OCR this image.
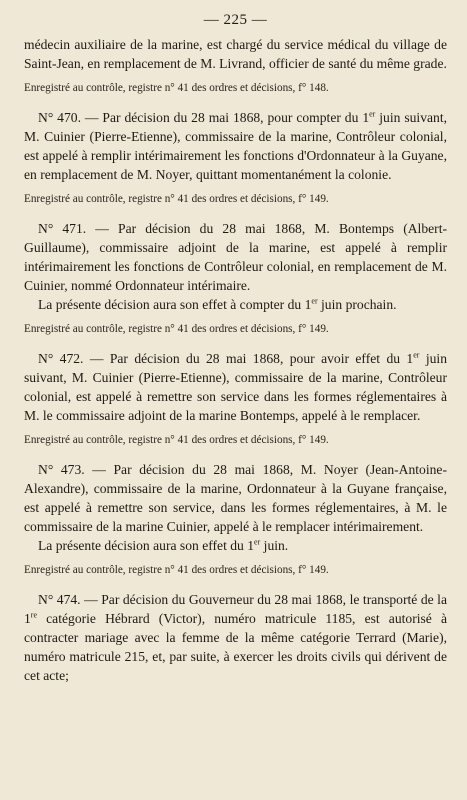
— 225 —

médecin auxiliaire de la marine, est chargé du service médical du village de Saint-Jean, en remplacement de M. Livrand, officier de santé du même grade.

Enregistré au contrôle, registre n° 41 des ordres et décisions, f° 148.

N° 470. — Par décision du 28 mai 1868, pour compter du 1er juin suivant, M. Cuinier (Pierre-Etienne), commissaire de la marine, Contrôleur colonial, est appelé à remplir intérimairement les fonctions d'Ordonnateur à la Guyane, en remplacement de M. Noyer, quittant momentanément la colonie.

Enregistré au contrôle, registre n° 41 des ordres et décisions, f° 149.

N° 471. — Par décision du 28 mai 1868, M. Bontemps (Albert-Guillaume), commissaire adjoint de la marine, est appelé à remplir intérimairement les fonctions de Contrôleur colonial, en remplacement de M. Cuinier, nommé Ordonnateur intérimaire.

La présente décision aura son effet à compter du 1er juin prochain.

Enregistré au contrôle, registre n° 41 des ordres et décisions, f° 149.

N° 472. — Par décision du 28 mai 1868, pour avoir effet du 1er juin suivant, M. Cuinier (Pierre-Etienne), commissaire de la marine, Contrôleur colonial, est appelé à remettre son service dans les formes réglementaires à M. le commissaire adjoint de la marine Bontemps, appelé à le remplacer.

Enregistré au contrôle, registre n° 41 des ordres et décisions, f° 149.

N° 473. — Par décision du 28 mai 1868, M. Noyer (Jean-Antoine-Alexandre), commissaire de la marine, Ordonnateur à la Guyane française, est appelé à remettre son service, dans les formes réglementaires, à M. le commissaire de la marine Cuinier, appelé à le remplacer intérimairement.

La présente décision aura son effet du 1er juin.

Enregistré au contrôle, registre n° 41 des ordres et décisions, f° 149.

N° 474. — Par décision du Gouverneur du 28 mai 1868, le transporté de la 1re catégorie Hébrard (Victor), numéro matricule 1185, est autorisé à contracter mariage avec la femme de la même catégorie Terrard (Marie), numéro matricule 215, et, par suite, à exercer les droits civils qui dérivent de cet acte;
